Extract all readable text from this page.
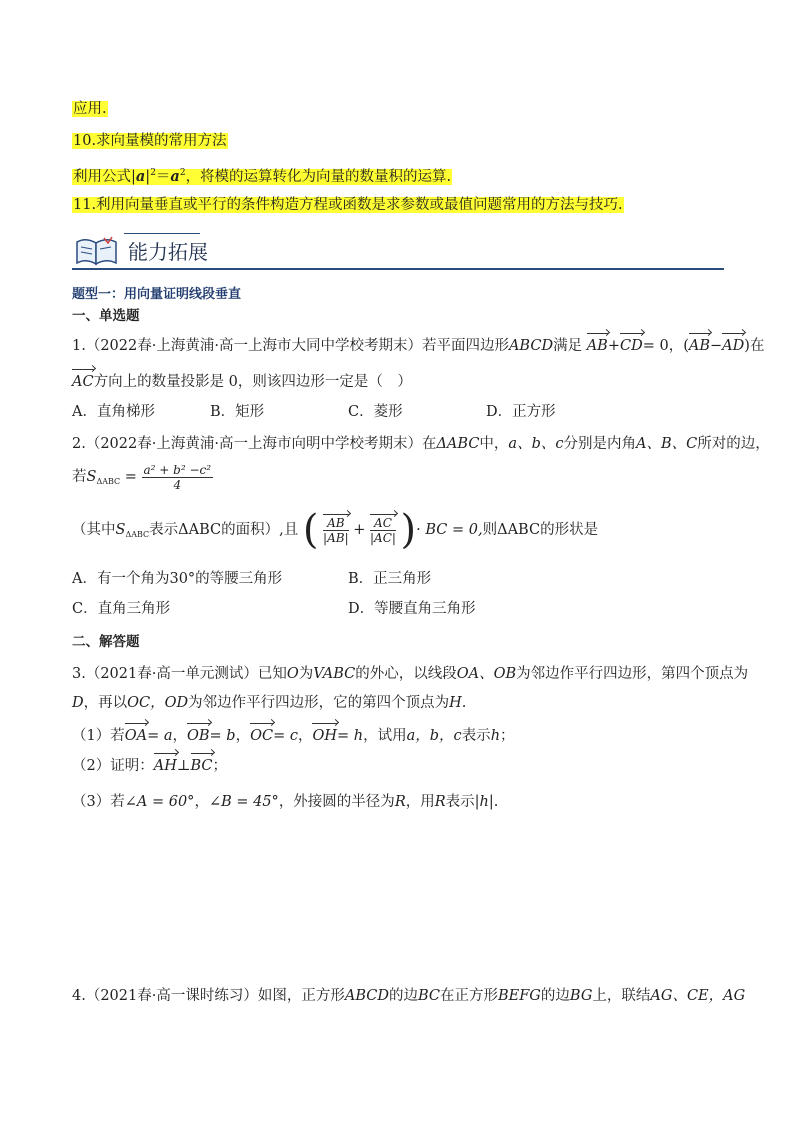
应用.
10.求向量模的常用方法
利用公式$|a|^2=a^2$，将模的运算转化为向量的数量积的运算.
11.利用向量垂直或平行的条件构造方程或函数是求参数或最值问题常用的方法与技巧.
能力拓展
题型一：用向量证明线段垂直
一、单选题
1.（2022春·上海黄浦·高一上海市大同中学校考期末）若平面四边形ABCD满足 AB+CD= 0，(AB−AD)在
AC方向上的数量投影是 0，则该四边形一定是（　）
A．直角梯形	B．矩形	C．菱形	D．正方形
2.（2022春·上海黄浦·高一上海市向明中学校考期末）在ΔABC中，a、b、c分别是内角A、B、C所对的边，
若$S_{\Delta ABC} = \frac{\text{a² + b² −c²}}{4}$
（其中$S_{\Delta ABC}$表示ΔABC的面积）,且 ( $\frac{AB}{|AB|} + \frac{AC}{|AC|}$ )· BC = 0,则ΔABC的形状是
A．有一个角为30°的等腰三角形	B．正三角形
C．直角三角形	D．等腰直角三角形
二、解答题
3.（2021春·高一单元测试）已知O为VABC的外心，以线段OA、OB为邻边作平行四边形，第四个顶点为
D，再以OC，OD为邻边作平行四边形，它的第四个顶点为H.
（1）若OA= a，OB= b，OC= c，OH= h，试用a，b，c表示h；
（2）证明：AH⊥BC；
（3）若∠A = 60°，∠B = 45°，外接圆的半径为R，用R表示|h|.
4.（2021春·高一课时练习）如图，正方形ABCD的边BC在正方形BEFG的边BG上，联结AG、CE，AG
